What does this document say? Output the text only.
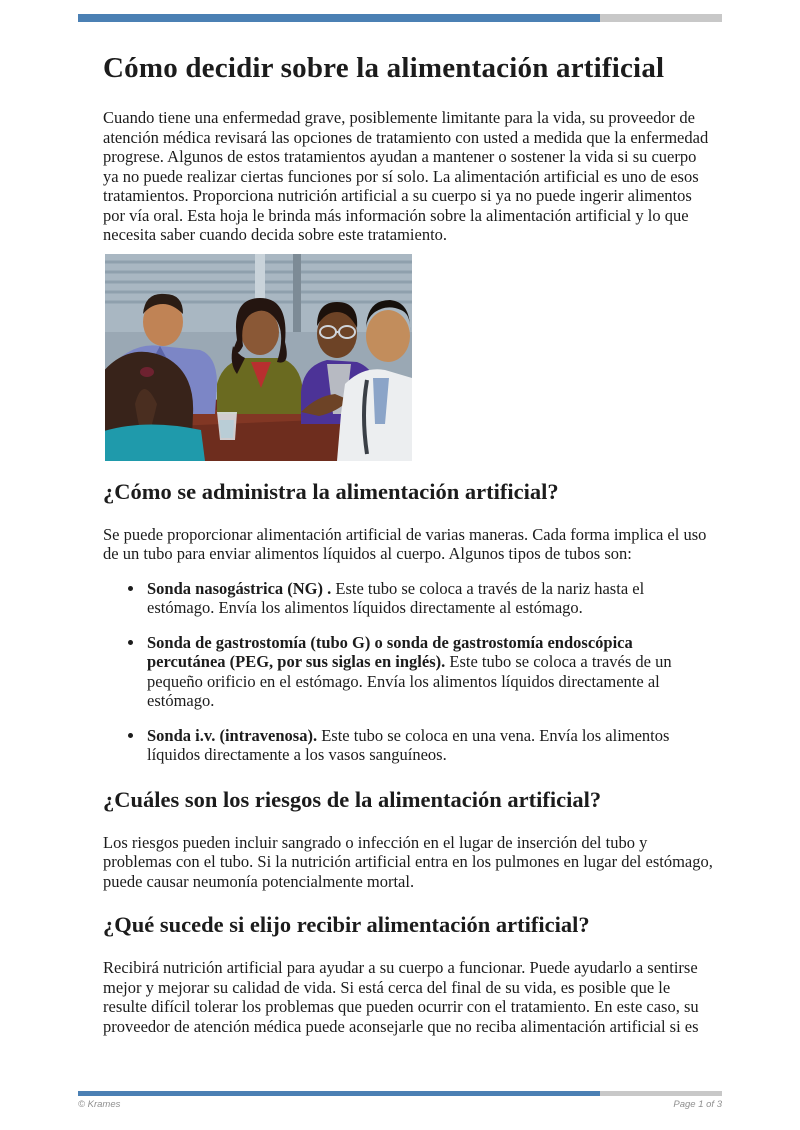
Cómo decidir sobre la alimentación artificial

Cuando tiene una enfermedad grave, posiblemente limitante para la vida, su proveedor de atención médica revisará las opciones de tratamiento con usted a medida que la enfermedad progrese. Algunos de estos tratamientos ayudan a mantener o sostener la vida si su cuerpo ya no puede realizar ciertas funciones por sí solo. La alimentación artificial es uno de esos tratamientos. Proporciona nutrición artificial a su cuerpo si ya no puede ingerir alimentos por vía oral. Esta hoja le brinda más información sobre la alimentación artificial y lo que necesita saber cuando decida sobre este tratamiento.

¿Cómo se administra la alimentación artificial?

Se puede proporcionar alimentación artificial de varias maneras. Cada forma implica el uso de un tubo para enviar alimentos líquidos al cuerpo. Algunos tipos de tubos son:

• Sonda nasogástrica (NG) . Este tubo se coloca a través de la nariz hasta el estómago. Envía los alimentos líquidos directamente al estómago.
• Sonda de gastrostomía (tubo G) o sonda de gastrostomía endoscópica percutánea (PEG, por sus siglas en inglés). Este tubo se coloca a través de un pequeño orificio en el estómago. Envía los alimentos líquidos directamente al estómago.
• Sonda i.v. (intravenosa). Este tubo se coloca en una vena. Envía los alimentos líquidos directamente a los vasos sanguíneos.
¿Cuáles son los riesgos de la alimentación artificial?

Los riesgos pueden incluir sangrado o infección en el lugar de inserción del tubo y problemas con el tubo. Si la nutrición artificial entra en los pulmones en lugar del estómago, puede causar neumonía potencialmente mortal.

¿Qué sucede si elijo recibir alimentación artificial?

Recibirá nutrición artificial para ayudar a su cuerpo a funcionar. Puede ayudarlo a sentirse mejor y mejorar su calidad de vida. Si está cerca del final de su vida, es posible que le resulte difícil tolerar los problemas que pueden ocurrir con el tratamiento. En este caso, su proveedor de atención médica puede aconsejarle que no reciba alimentación artificial si es

© Krames	Page 1 of 3
